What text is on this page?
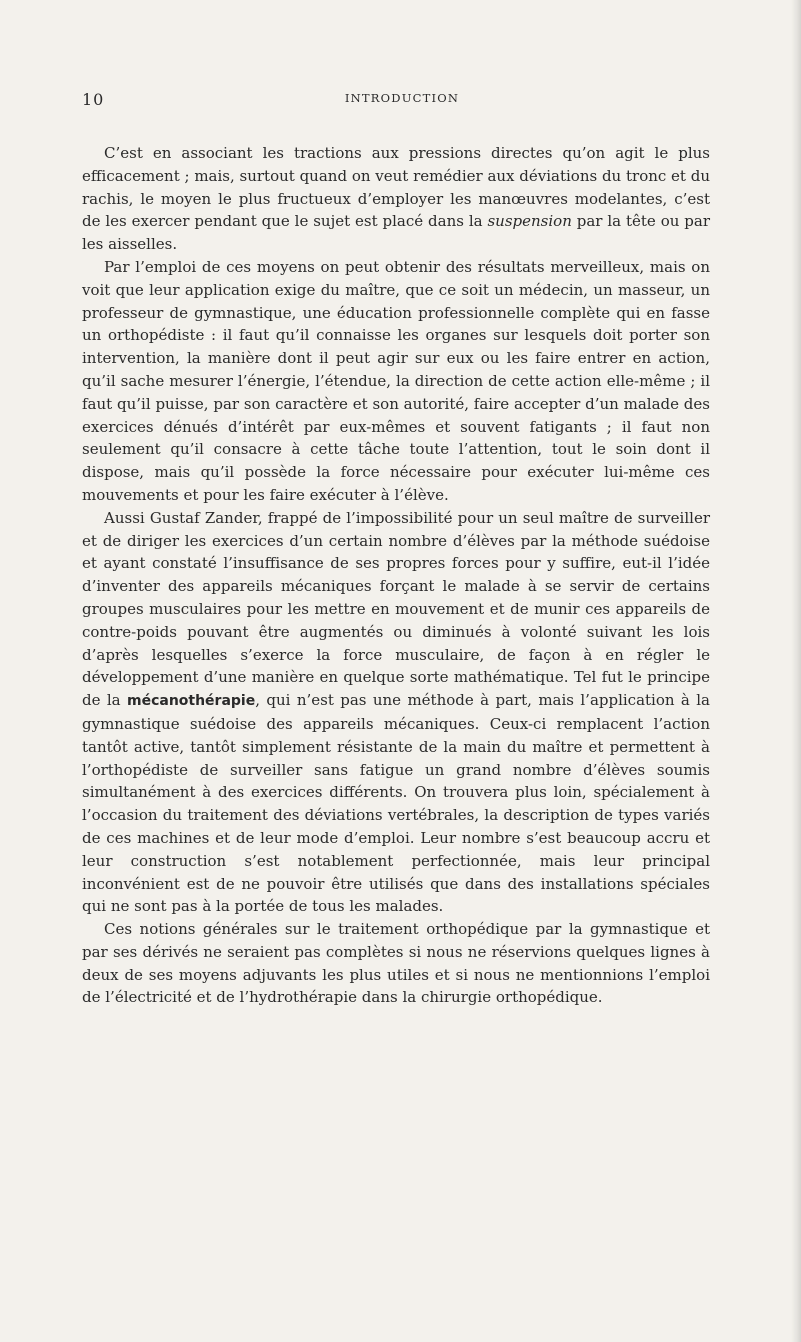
10	INTRODUCTION

C’est en associant les tractions aux pressions directes qu’on agit le plus efficacement ; mais, surtout quand on veut remédier aux déviations du tronc et du rachis, le moyen le plus fructueux d’employer les manœuvres modelantes, c’est de les exercer pendant que le sujet est placé dans la suspension par la tête ou par les aisselles.

Par l’emploi de ces moyens on peut obtenir des résultats merveilleux, mais on voit que leur application exige du maître, que ce soit un médecin, un masseur, un professeur de gymnastique, une éducation professionnelle complète qui en fasse un orthopédiste : il faut qu’il connaisse les organes sur lesquels doit porter son intervention, la manière dont il peut agir sur eux ou les faire entrer en action, qu’il sache mesurer l’énergie, l’étendue, la direction de cette action elle-même ; il faut qu’il puisse, par son caractère et son autorité, faire accepter d’un malade des exercices dénués d’intérêt par eux-mêmes et souvent fatigants ; il faut non seulement qu’il consacre à cette tâche toute l’attention, tout le soin dont il dispose, mais qu’il possède la force nécessaire pour exécuter lui-même ces mouvements et pour les faire exécuter à l’élève.

Aussi Gustaf Zander, frappé de l’impossibilité pour un seul maître de surveiller et de diriger les exercices d’un certain nombre d’élèves par la méthode suédoise et ayant constaté l’insuffisance de ses propres forces pour y suffire, eut-il l’idée d’inventer des appareils mécaniques forçant le malade à se servir de certains groupes musculaires pour les mettre en mouvement et de munir ces appareils de contre-poids pouvant être augmentés ou diminués à volonté suivant les lois d’après lesquelles s’exerce la force musculaire, de façon à en régler le développement d’une manière en quelque sorte mathématique. Tel fut le principe de la mécanothérapie, qui n’est pas une méthode à part, mais l’application à la gymnastique suédoise des appareils mécaniques. Ceux-ci remplacent l’action tantôt active, tantôt simplement résistante de la main du maître et permettent à l’orthopédiste de surveiller sans fatigue un grand nombre d’élèves soumis simultanément à des exercices différents. On trouvera plus loin, spécialement à l’occasion du traitement des déviations vertébrales, la description de types variés de ces machines et de leur mode d’emploi. Leur nombre s’est beaucoup accru et leur construction s’est notablement perfectionnée, mais leur principal inconvénient est de ne pouvoir être utilisés que dans des installations spéciales qui ne sont pas à la portée de tous les malades.

Ces notions générales sur le traitement orthopédique par la gymnastique et par ses dérivés ne seraient pas complètes si nous ne réservions quelques lignes à deux de ses moyens adjuvants les plus utiles et si nous ne mentionnions l’emploi de l’électricité et de l’hydrothérapie dans la chirurgie orthopédique.
